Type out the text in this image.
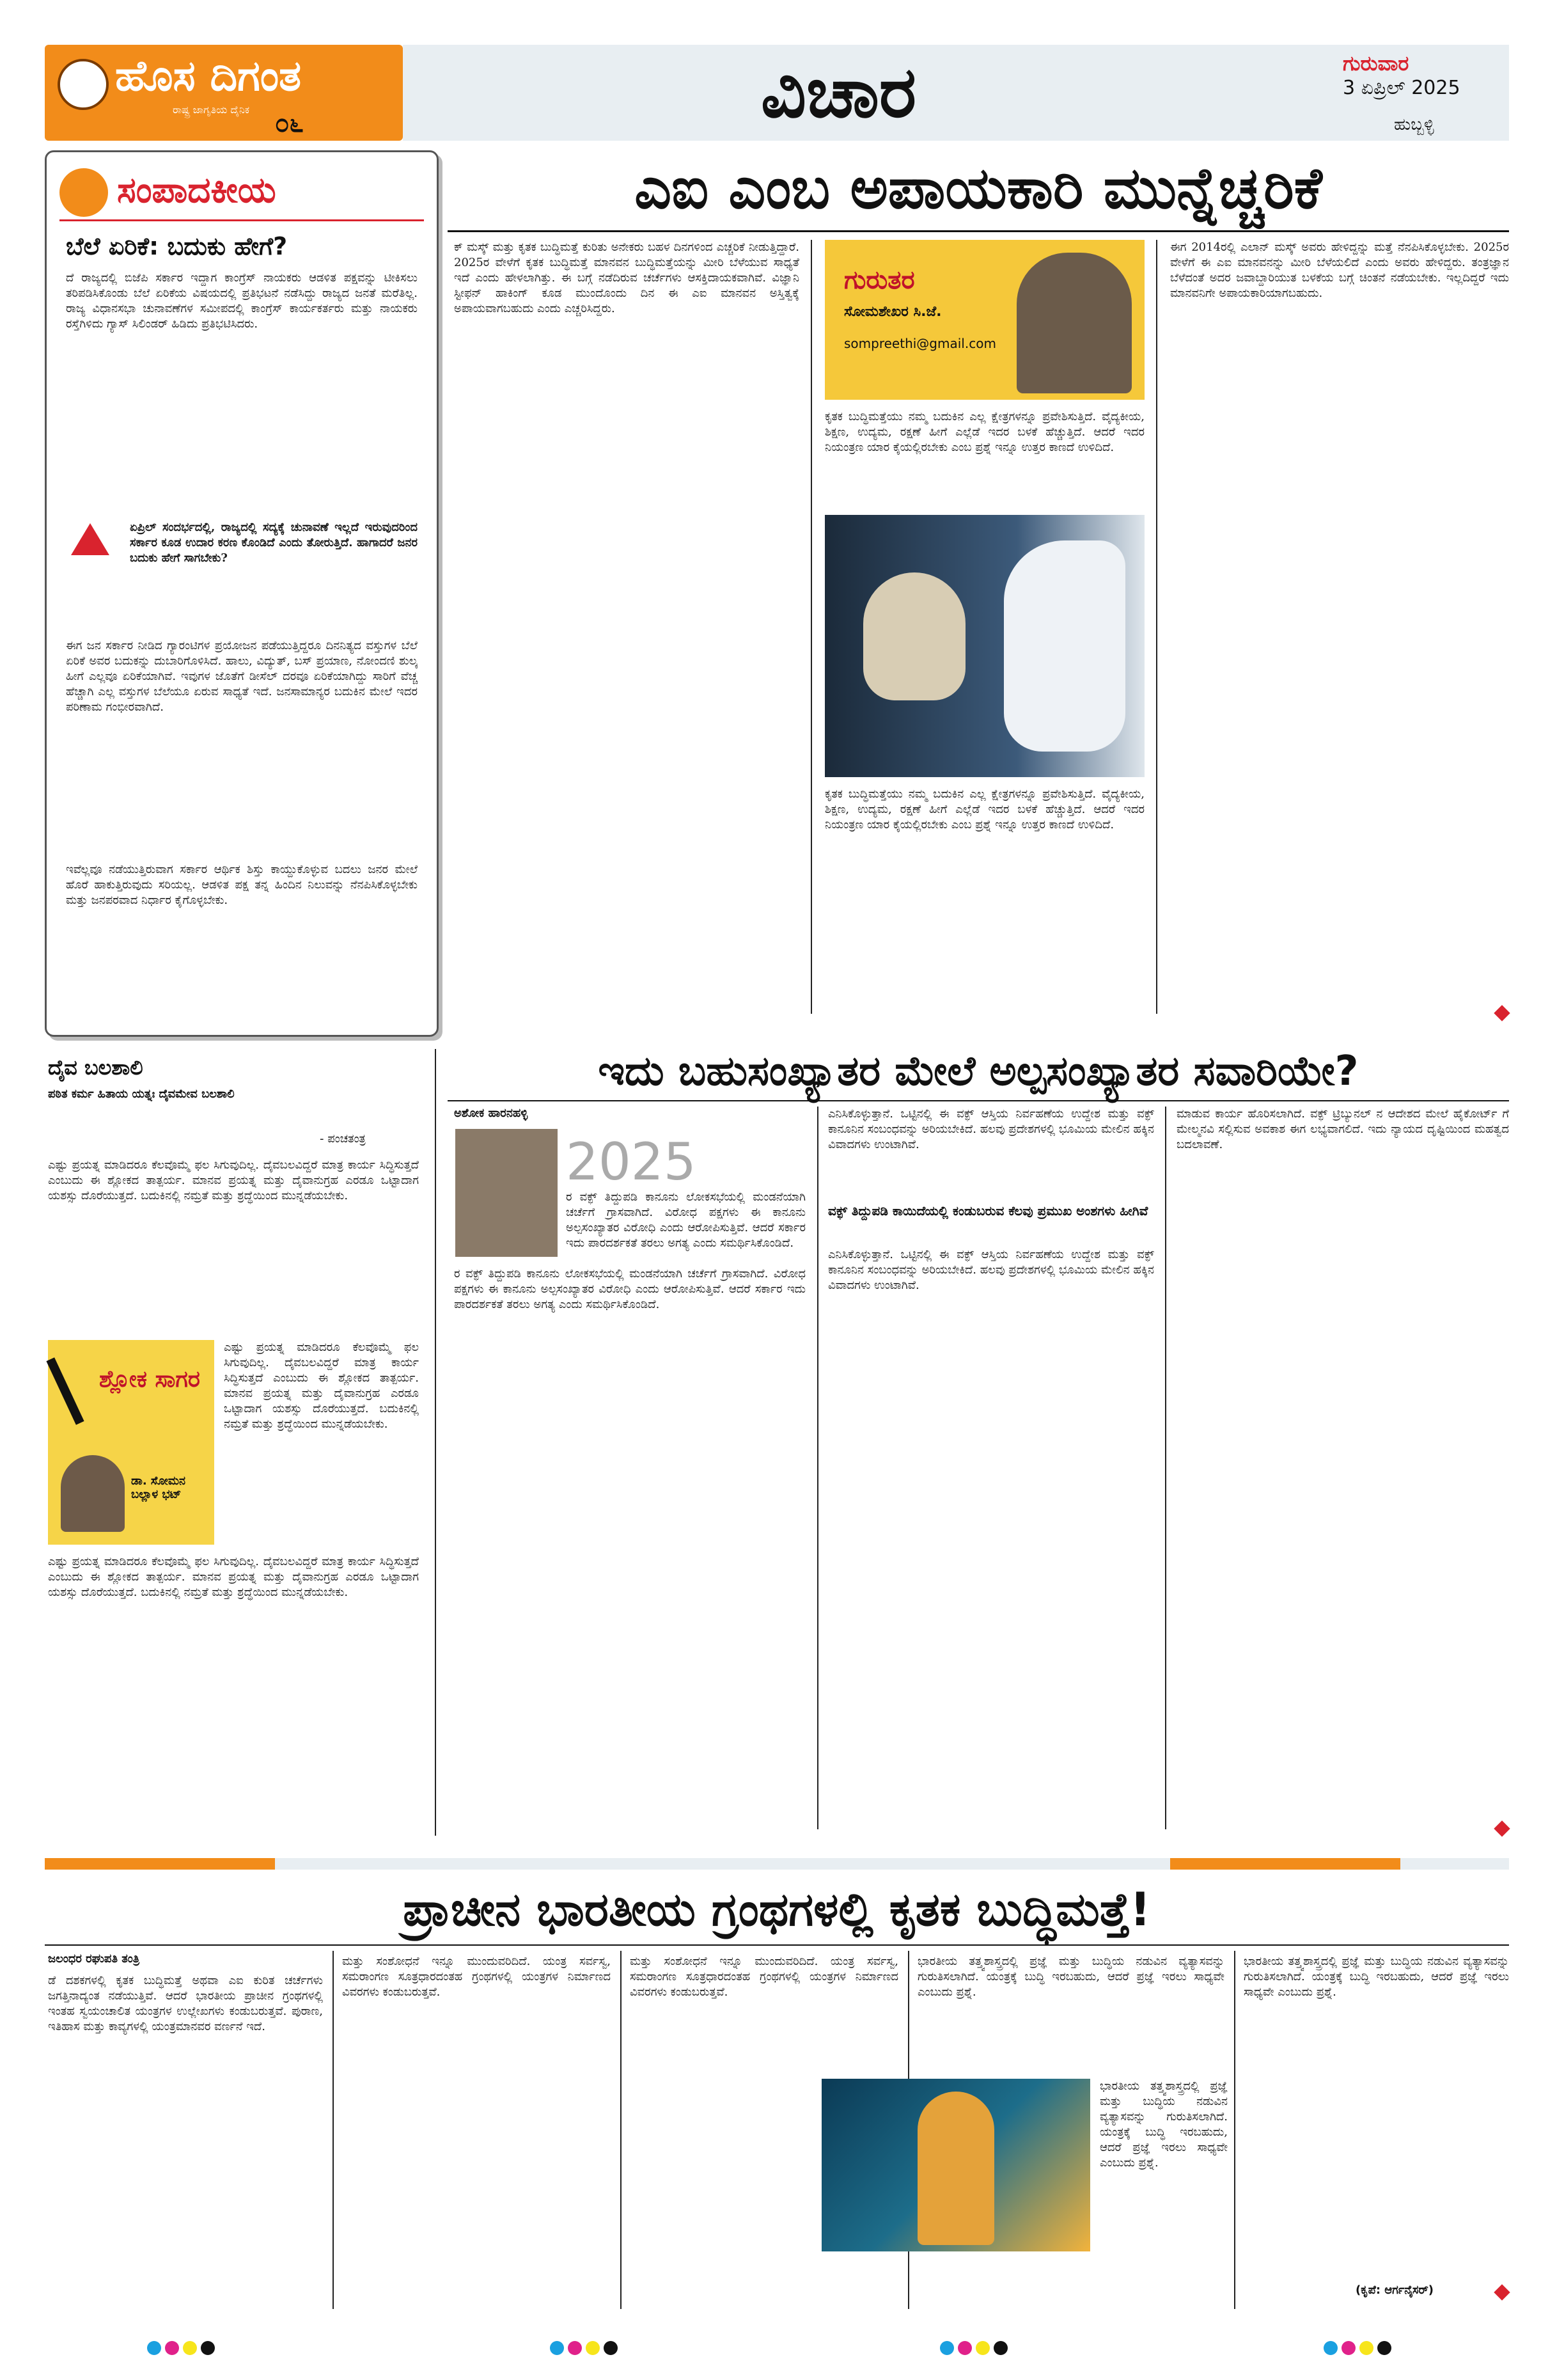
ಹೊಸ ದಿಗಂತ
ರಾಷ್ಟ್ರ ಜಾಗೃತಿಯ ದೈನಿಕ ೦೬	ವಿಚಾರ	ಗುರುವಾರ
3 ಏಪ್ರಿಲ್ 2025
ಹುಬ್ಬಳ್ಳಿ
ಸಂಪಾದಕೀಯ
ಬೆಲೆ ಏರಿಕೆ: ಬದುಕು ಹೇಗೆ?
ದೆ ರಾಜ್ಯದಲ್ಲಿ ಬಿಜೆಪಿ ಸರ್ಕಾರ ಇದ್ದಾಗ ಕಾಂಗ್ರೆಸ್ ನಾಯಕರು ಆಡಳಿತ ಪಕ್ಷವನ್ನು ಟೀಕಿಸಲು ತರಿಪಡಿಸಿಕೊಂಡು ಬೆಲೆ ಏರಿಕೆಯ ವಿಷಯದಲ್ಲಿ ಪ್ರತಿಭಟನೆ ನಡೆಸಿದ್ದು ರಾಜ್ಯದ ಜನತೆ ಮರೆತಿಲ್ಲ. ರಾಜ್ಯ ವಿಧಾನಸಭಾ ಚುನಾವಣೆಗಳ ಸಮೀಪದಲ್ಲಿ ಕಾಂಗ್ರೆಸ್ ಕಾರ್ಯಕರ್ತರು ಮತ್ತು ನಾಯಕರು ರಸ್ತೆಗಿಳಿದು ಗ್ಯಾಸ್ ಸಿಲಿಂಡರ್ ಹಿಡಿದು ಪ್ರತಿಭಟಿಸಿದರು.
ಏಪ್ರಿಲ್ ಸಂದರ್ಭದಲ್ಲಿ, ರಾಜ್ಯದಲ್ಲಿ ಸದ್ಯಕ್ಕೆ ಚುನಾವಣೆ ಇಲ್ಲದೆ ಇರುವುದರಿಂದ ಸರ್ಕಾರ ಕೂಡ ಉದಾರ ಕರಣ ಕೊಂಡಿದೆ ಎಂದು ತೋರುತ್ತಿದೆ. ಹಾಗಾದರೆ ಜನರ ಬದುಕು ಹೇಗೆ ಸಾಗಬೇಕು?
ಈಗ ಜನ ಸರ್ಕಾರ ನೀಡಿದ ಗ್ಯಾರಂಟಿಗಳ ಪ್ರಯೋಜನ ಪಡೆಯುತ್ತಿದ್ದರೂ ದಿನನಿತ್ಯದ ವಸ್ತುಗಳ ಬೆಲೆ ಏರಿಕೆ ಅವರ ಬದುಕನ್ನು ದುಬಾರಿಗೊಳಿಸಿದೆ. ಹಾಲು, ವಿದ್ಯುತ್, ಬಸ್ ಪ್ರಯಾಣ, ನೋಂದಣಿ ಶುಲ್ಕ ಹೀಗೆ ಎಲ್ಲವೂ ಏರಿಕೆಯಾಗಿವೆ. ಇವುಗಳ ಜೊತೆಗೆ ಡೀಸೆಲ್ ದರವೂ ಏರಿಕೆಯಾಗಿದ್ದು ಸಾರಿಗೆ ವೆಚ್ಚ ಹೆಚ್ಚಾಗಿ ಎಲ್ಲ ವಸ್ತುಗಳ ಬೆಲೆಯೂ ಏರುವ ಸಾಧ್ಯತೆ ಇದೆ. ಜನಸಾಮಾನ್ಯರ ಬದುಕಿನ ಮೇಲೆ ಇದರ ಪರಿಣಾಮ ಗಂಭೀರವಾಗಿದೆ.
ಇವೆಲ್ಲವೂ ನಡೆಯುತ್ತಿರುವಾಗ ಸರ್ಕಾರ ಆರ್ಥಿಕ ಶಿಸ್ತು ಕಾಯ್ದುಕೊಳ್ಳುವ ಬದಲು ಜನರ ಮೇಲೆ ಹೊರೆ ಹಾಕುತ್ತಿರುವುದು ಸರಿಯಲ್ಲ. ಆಡಳಿತ ಪಕ್ಷ ತನ್ನ ಹಿಂದಿನ ನಿಲುವನ್ನು ನೆನಪಿಸಿಕೊಳ್ಳಬೇಕು ಮತ್ತು ಜನಪರವಾದ ನಿರ್ಧಾರ ಕೈಗೊಳ್ಳಬೇಕು.
ಎಐ ಎಂಬ ಅಪಾಯಕಾರಿ ಮುನ್ನೆಚ್ಚರಿಕೆ
ಕ್ ಮಸ್ಕ್ ಮತ್ತು ಕೃತಕ ಬುದ್ಧಿಮತ್ತೆ ಕುರಿತು ಅನೇಕರು ಬಹಳ ದಿನಗಳಿಂದ ಎಚ್ಚರಿಕೆ ನೀಡುತ್ತಿದ್ದಾರೆ. 2025ರ ವೇಳೆಗೆ ಕೃತಕ ಬುದ್ಧಿಮತ್ತೆ ಮಾನವನ ಬುದ್ಧಿಮತ್ತೆಯನ್ನು ಮೀರಿ ಬೆಳೆಯುವ ಸಾಧ್ಯತೆ ಇದೆ ಎಂದು ಹೇಳಲಾಗಿತ್ತು. ಈ ಬಗ್ಗೆ ನಡೆದಿರುವ ಚರ್ಚೆಗಳು ಆಸಕ್ತಿದಾಯಕವಾಗಿವೆ. ವಿಜ್ಞಾನಿ ಸ್ಟೀಫನ್ ಹಾಕಿಂಗ್ ಕೂಡ ಮುಂದೊಂದು ದಿನ ಈ ಎಐ ಮಾನವನ ಅಸ್ತಿತ್ವಕ್ಕೆ ಅಪಾಯವಾಗಬಹುದು ಎಂದು ಎಚ್ಚರಿಸಿದ್ದರು.
ಗುರುತರ
ಸೋಮಶೇಖರ ಸಿ.ಜೆ.
sompreethi@gmail.com
ಕೃತಕ ಬುದ್ಧಿಮತ್ತೆಯು ನಮ್ಮ ಬದುಕಿನ ಎಲ್ಲ ಕ್ಷೇತ್ರಗಳನ್ನೂ ಪ್ರವೇಶಿಸುತ್ತಿದೆ. ವೈದ್ಯಕೀಯ, ಶಿಕ್ಷಣ, ಉದ್ಯಮ, ರಕ್ಷಣೆ ಹೀಗೆ ಎಲ್ಲೆಡೆ ಇದರ ಬಳಕೆ ಹೆಚ್ಚುತ್ತಿದೆ. ಆದರೆ ಇದರ ನಿಯಂತ್ರಣ ಯಾರ ಕೈಯಲ್ಲಿರಬೇಕು ಎಂಬ ಪ್ರಶ್ನೆ ಇನ್ನೂ ಉತ್ತರ ಕಾಣದೆ ಉಳಿದಿದೆ.
ಕೃತಕ ಬುದ್ಧಿಮತ್ತೆಯು ನಮ್ಮ ಬದುಕಿನ ಎಲ್ಲ ಕ್ಷೇತ್ರಗಳನ್ನೂ ಪ್ರವೇಶಿಸುತ್ತಿದೆ. ವೈದ್ಯಕೀಯ, ಶಿಕ್ಷಣ, ಉದ್ಯಮ, ರಕ್ಷಣೆ ಹೀಗೆ ಎಲ್ಲೆಡೆ ಇದರ ಬಳಕೆ ಹೆಚ್ಚುತ್ತಿದೆ. ಆದರೆ ಇದರ ನಿಯಂತ್ರಣ ಯಾರ ಕೈಯಲ್ಲಿರಬೇಕು ಎಂಬ ಪ್ರಶ್ನೆ ಇನ್ನೂ ಉತ್ತರ ಕಾಣದೆ ಉಳಿದಿದೆ.
ಈಗ 2014ರಲ್ಲಿ ಎಲಾನ್ ಮಸ್ಕ್ ಅವರು ಹೇಳಿದ್ದನ್ನು ಮತ್ತೆ ನೆನಪಿಸಿಕೊಳ್ಳಬೇಕು. 2025ರ ವೇಳೆಗೆ ಈ ಎಐ ಮಾನವನನ್ನು ಮೀರಿ ಬೆಳೆಯಲಿದೆ ಎಂದು ಅವರು ಹೇಳಿದ್ದರು. ತಂತ್ರಜ್ಞಾನ ಬೆಳೆದಂತೆ ಅದರ ಜವಾಬ್ದಾರಿಯುತ ಬಳಕೆಯ ಬಗ್ಗೆ ಚಿಂತನೆ ನಡೆಯಬೇಕು. ಇಲ್ಲದಿದ್ದರೆ ಇದು ಮಾನವನಿಗೇ ಅಪಾಯಕಾರಿಯಾಗಬಹುದು.
ದೈವ ಬಲಶಾಲಿ
ಪಠಿತ ಕರ್ಮ ಹಿತಾಯ ಯತ್ನಃ ದೈವಮೇವ ಬಲಶಾಲಿ
- ಪಂಚತಂತ್ರ
ಶ್ಲೋಕ ಸಾಗರ
ಡಾ. ಸೋಮನ ಬಲ್ಲಾಳ ಭಟ್
ಎಷ್ಟು ಪ್ರಯತ್ನ ಮಾಡಿದರೂ ಕೆಲವೊಮ್ಮೆ ಫಲ ಸಿಗುವುದಿಲ್ಲ. ದೈವಬಲವಿದ್ದರೆ ಮಾತ್ರ ಕಾರ್ಯ ಸಿದ್ಧಿಸುತ್ತದೆ ಎಂಬುದು ಈ ಶ್ಲೋಕದ ತಾತ್ಪರ್ಯ. ಮಾನವ ಪ್ರಯತ್ನ ಮತ್ತು ದೈವಾನುಗ್ರಹ ಎರಡೂ ಒಟ್ಟಾದಾಗ ಯಶಸ್ಸು ದೊರೆಯುತ್ತದೆ. ಬದುಕಿನಲ್ಲಿ ನಮ್ರತೆ ಮತ್ತು ಶ್ರದ್ಧೆಯಿಂದ ಮುನ್ನಡೆಯಬೇಕು.
ಎಷ್ಟು ಪ್ರಯತ್ನ ಮಾಡಿದರೂ ಕೆಲವೊಮ್ಮೆ ಫಲ ಸಿಗುವುದಿಲ್ಲ. ದೈವಬಲವಿದ್ದರೆ ಮಾತ್ರ ಕಾರ್ಯ ಸಿದ್ಧಿಸುತ್ತದೆ ಎಂಬುದು ಈ ಶ್ಲೋಕದ ತಾತ್ಪರ್ಯ. ಮಾನವ ಪ್ರಯತ್ನ ಮತ್ತು ದೈವಾನುಗ್ರಹ ಎರಡೂ ಒಟ್ಟಾದಾಗ ಯಶಸ್ಸು ದೊರೆಯುತ್ತದೆ. ಬದುಕಿನಲ್ಲಿ ನಮ್ರತೆ ಮತ್ತು ಶ್ರದ್ಧೆಯಿಂದ ಮುನ್ನಡೆಯಬೇಕು.
ಎಷ್ಟು ಪ್ರಯತ್ನ ಮಾಡಿದರೂ ಕೆಲವೊಮ್ಮೆ ಫಲ ಸಿಗುವುದಿಲ್ಲ. ದೈವಬಲವಿದ್ದರೆ ಮಾತ್ರ ಕಾರ್ಯ ಸಿದ್ಧಿಸುತ್ತದೆ ಎಂಬುದು ಈ ಶ್ಲೋಕದ ತಾತ್ಪರ್ಯ. ಮಾನವ ಪ್ರಯತ್ನ ಮತ್ತು ದೈವಾನುಗ್ರಹ ಎರಡೂ ಒಟ್ಟಾದಾಗ ಯಶಸ್ಸು ದೊರೆಯುತ್ತದೆ. ಬದುಕಿನಲ್ಲಿ ನಮ್ರತೆ ಮತ್ತು ಶ್ರದ್ಧೆಯಿಂದ ಮುನ್ನಡೆಯಬೇಕು.
ಇದು ಬಹುಸಂಖ್ಯಾತರ ಮೇಲೆ ಅಲ್ಪಸಂಖ್ಯಾತರ ಸವಾರಿಯೇ?
ಅಶೋಕ ಹಾರನಹಳ್ಳಿ
2025
ರ ವಕ್ಫ್ ತಿದ್ದುಪಡಿ ಕಾನೂನು ಲೋಕಸಭೆಯಲ್ಲಿ ಮಂಡನೆಯಾಗಿ ಚರ್ಚೆಗೆ ಗ್ರಾಸವಾಗಿದೆ. ವಿರೋಧ ಪಕ್ಷಗಳು ಈ ಕಾನೂನು ಅಲ್ಪಸಂಖ್ಯಾತರ ವಿರೋಧಿ ಎಂದು ಆರೋಪಿಸುತ್ತಿವೆ. ಆದರೆ ಸರ್ಕಾರ ಇದು ಪಾರದರ್ಶಕತೆ ತರಲು ಅಗತ್ಯ ಎಂದು ಸಮರ್ಥಿಸಿಕೊಂಡಿದೆ.
ರ ವಕ್ಫ್ ತಿದ್ದುಪಡಿ ಕಾನೂನು ಲೋಕಸಭೆಯಲ್ಲಿ ಮಂಡನೆಯಾಗಿ ಚರ್ಚೆಗೆ ಗ್ರಾಸವಾಗಿದೆ. ವಿರೋಧ ಪಕ್ಷಗಳು ಈ ಕಾನೂನು ಅಲ್ಪಸಂಖ್ಯಾತರ ವಿರೋಧಿ ಎಂದು ಆರೋಪಿಸುತ್ತಿವೆ. ಆದರೆ ಸರ್ಕಾರ ಇದು ಪಾರದರ್ಶಕತೆ ತರಲು ಅಗತ್ಯ ಎಂದು ಸಮರ್ಥಿಸಿಕೊಂಡಿದೆ.
ಎನಿಸಿಕೊಳ್ಳುತ್ತಾನೆ. ಒಟ್ಟಿನಲ್ಲಿ ಈ ವಕ್ಫ್ ಆಸ್ತಿಯ ನಿರ್ವಹಣೆಯ ಉದ್ದೇಶ ಮತ್ತು ವಕ್ಫ್ ಕಾನೂನಿನ ಸಂಬಂಧವನ್ನು ಅರಿಯಬೇಕಿದೆ. ಹಲವು ಪ್ರದೇಶಗಳಲ್ಲಿ ಭೂಮಿಯ ಮೇಲಿನ ಹಕ್ಕಿನ ವಿವಾದಗಳು ಉಂಟಾಗಿವೆ.
ವಕ್ಫ್ ತಿದ್ದುಪಡಿ ಕಾಯಿದೆಯಲ್ಲಿ ಕಂಡುಬರುವ ಕೆಲವು ಪ್ರಮುಖ ಅಂಶಗಳು ಹೀಗಿವೆ
ಎನಿಸಿಕೊಳ್ಳುತ್ತಾನೆ. ಒಟ್ಟಿನಲ್ಲಿ ಈ ವಕ್ಫ್ ಆಸ್ತಿಯ ನಿರ್ವಹಣೆಯ ಉದ್ದೇಶ ಮತ್ತು ವಕ್ಫ್ ಕಾನೂನಿನ ಸಂಬಂಧವನ್ನು ಅರಿಯಬೇಕಿದೆ. ಹಲವು ಪ್ರದೇಶಗಳಲ್ಲಿ ಭೂಮಿಯ ಮೇಲಿನ ಹಕ್ಕಿನ ವಿವಾದಗಳು ಉಂಟಾಗಿವೆ.
ಮಾಡುವ ಕಾರ್ಯ ಹೊರಿಸಲಾಗಿದೆ. ವಕ್ಫ್ ಟ್ರಿಬ್ಯುನಲ್ ನ ಆದೇಶದ ಮೇಲೆ ಹೈಕೋರ್ಟ್ ಗೆ ಮೇಲ್ಮನವಿ ಸಲ್ಲಿಸುವ ಅವಕಾಶ ಈಗ ಲಭ್ಯವಾಗಲಿದೆ. ಇದು ನ್ಯಾಯದ ದೃಷ್ಟಿಯಿಂದ ಮಹತ್ವದ ಬದಲಾವಣೆ.
ಪ್ರಾಚೀನ ಭಾರತೀಯ ಗ್ರಂಥಗಳಲ್ಲಿ ಕೃತಕ ಬುದ್ಧಿಮತ್ತೆ!
ಜಲಂಧರ ರಘುಪತಿ ತಂತ್ರಿ
ಡೆ ದಶಕಗಳಲ್ಲಿ ಕೃತಕ ಬುದ್ಧಿಮತ್ತೆ ಅಥವಾ ಎಐ ಕುರಿತ ಚರ್ಚೆಗಳು ಜಗತ್ತಿನಾದ್ಯಂತ ನಡೆಯುತ್ತಿವೆ. ಆದರೆ ಭಾರತೀಯ ಪ್ರಾಚೀನ ಗ್ರಂಥಗಳಲ್ಲಿ ಇಂತಹ ಸ್ವಯಂಚಾಲಿತ ಯಂತ್ರಗಳ ಉಲ್ಲೇಖಗಳು ಕಂಡುಬರುತ್ತವೆ. ಪುರಾಣ, ಇತಿಹಾಸ ಮತ್ತು ಕಾವ್ಯಗಳಲ್ಲಿ ಯಂತ್ರಮಾನವರ ವರ್ಣನೆ ಇದೆ.
ಮತ್ತು ಸಂಶೋಧನೆ ಇನ್ನೂ ಮುಂದುವರಿದಿದೆ. ಯಂತ್ರ ಸರ್ವಸ್ವ, ಸಮರಾಂಗಣ ಸೂತ್ರಧಾರದಂತಹ ಗ್ರಂಥಗಳಲ್ಲಿ ಯಂತ್ರಗಳ ನಿರ್ಮಾಣದ ವಿವರಗಳು ಕಂಡುಬರುತ್ತವೆ.
ಮತ್ತು ಸಂಶೋಧನೆ ಇನ್ನೂ ಮುಂದುವರಿದಿದೆ. ಯಂತ್ರ ಸರ್ವಸ್ವ, ಸಮರಾಂಗಣ ಸೂತ್ರಧಾರದಂತಹ ಗ್ರಂಥಗಳಲ್ಲಿ ಯಂತ್ರಗಳ ನಿರ್ಮಾಣದ ವಿವರಗಳು ಕಂಡುಬರುತ್ತವೆ.
ಭಾರತೀಯ ತತ್ತ್ವಶಾಸ್ತ್ರದಲ್ಲಿ ಪ್ರಜ್ಞೆ ಮತ್ತು ಬುದ್ಧಿಯ ನಡುವಿನ ವ್ಯತ್ಯಾಸವನ್ನು ಗುರುತಿಸಲಾಗಿದೆ. ಯಂತ್ರಕ್ಕೆ ಬುದ್ಧಿ ಇರಬಹುದು, ಆದರೆ ಪ್ರಜ್ಞೆ ಇರಲು ಸಾಧ್ಯವೇ ಎಂಬುದು ಪ್ರಶ್ನೆ.
ಭಾರತೀಯ ತತ್ತ್ವಶಾಸ್ತ್ರದಲ್ಲಿ ಪ್ರಜ್ಞೆ ಮತ್ತು ಬುದ್ಧಿಯ ನಡುವಿನ ವ್ಯತ್ಯಾಸವನ್ನು ಗುರುತಿಸಲಾಗಿದೆ. ಯಂತ್ರಕ್ಕೆ ಬುದ್ಧಿ ಇರಬಹುದು, ಆದರೆ ಪ್ರಜ್ಞೆ ಇರಲು ಸಾಧ್ಯವೇ ಎಂಬುದು ಪ್ರಶ್ನೆ.
ಭಾರತೀಯ ತತ್ತ್ವಶಾಸ್ತ್ರದಲ್ಲಿ ಪ್ರಜ್ಞೆ ಮತ್ತು ಬುದ್ಧಿಯ ನಡುವಿನ ವ್ಯತ್ಯಾಸವನ್ನು ಗುರುತಿಸಲಾಗಿದೆ. ಯಂತ್ರಕ್ಕೆ ಬುದ್ಧಿ ಇರಬಹುದು, ಆದರೆ ಪ್ರಜ್ಞೆ ಇರಲು ಸಾಧ್ಯವೇ ಎಂಬುದು ಪ್ರಶ್ನೆ.
(ಕೃಪೆ: ಆರ್ಗನೈಸರ್)
